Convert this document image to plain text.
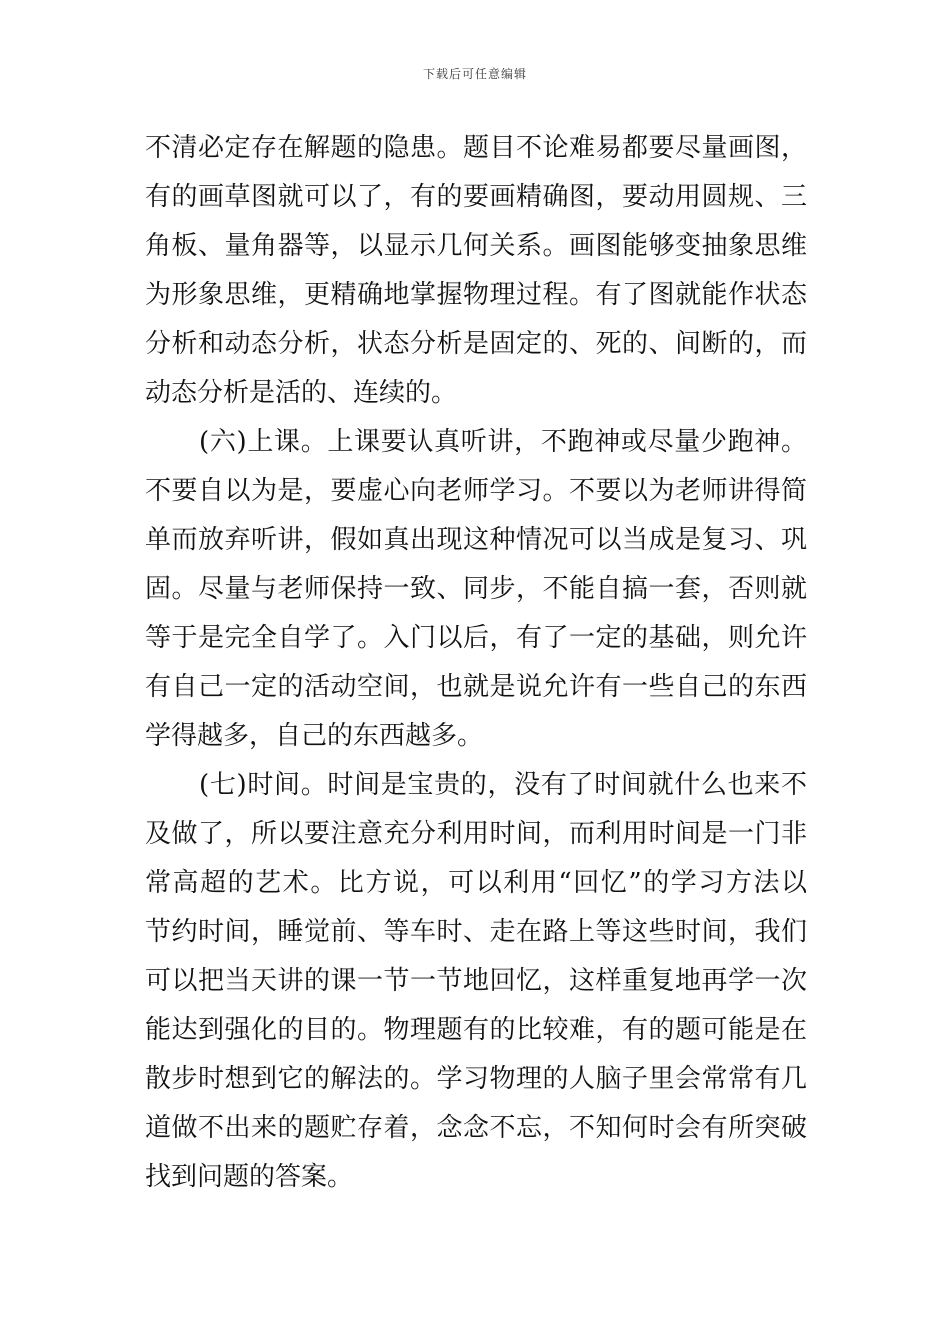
下载后可任意编辑
不清必定存在解题的隐患。题目不论难易都要尽量画图，
有的画草图就可以了，有的要画精确图，要动用圆规、三
角板、量角器等，以显示几何关系。画图能够变抽象思维
为形象思维，更精确地掌握物理过程。有了图就能作状态
分析和动态分析，状态分析是固定的、死的、间断的，而
动态分析是活的、连续的。
(六)上课。上课要认真听讲，不跑神或尽量少跑神。
不要自以为是，要虚心向老师学习。不要以为老师讲得简
单而放弃听讲，假如真出现这种情况可以当成是复习、巩
固。尽量与老师保持一致、同步，不能自搞一套，否则就
等于是完全自学了。入门以后，有了一定的基础，则允许
有自己一定的活动空间，也就是说允许有一些自己的东西
学得越多，自己的东西越多。
(七)时间。时间是宝贵的，没有了时间就什么也来不
及做了，所以要注意充分利用时间，而利用时间是一门非
常高超的艺术。比方说，可以利用“回忆”的学习方法以
节约时间，睡觉前、等车时、走在路上等这些时间，我们
可以把当天讲的课一节一节地回忆，这样重复地再学一次
能达到强化的目的。物理题有的比较难，有的题可能是在
散步时想到它的解法的。学习物理的人脑子里会常常有几
道做不出来的题贮存着，念念不忘，不知何时会有所突破
找到问题的答案。
